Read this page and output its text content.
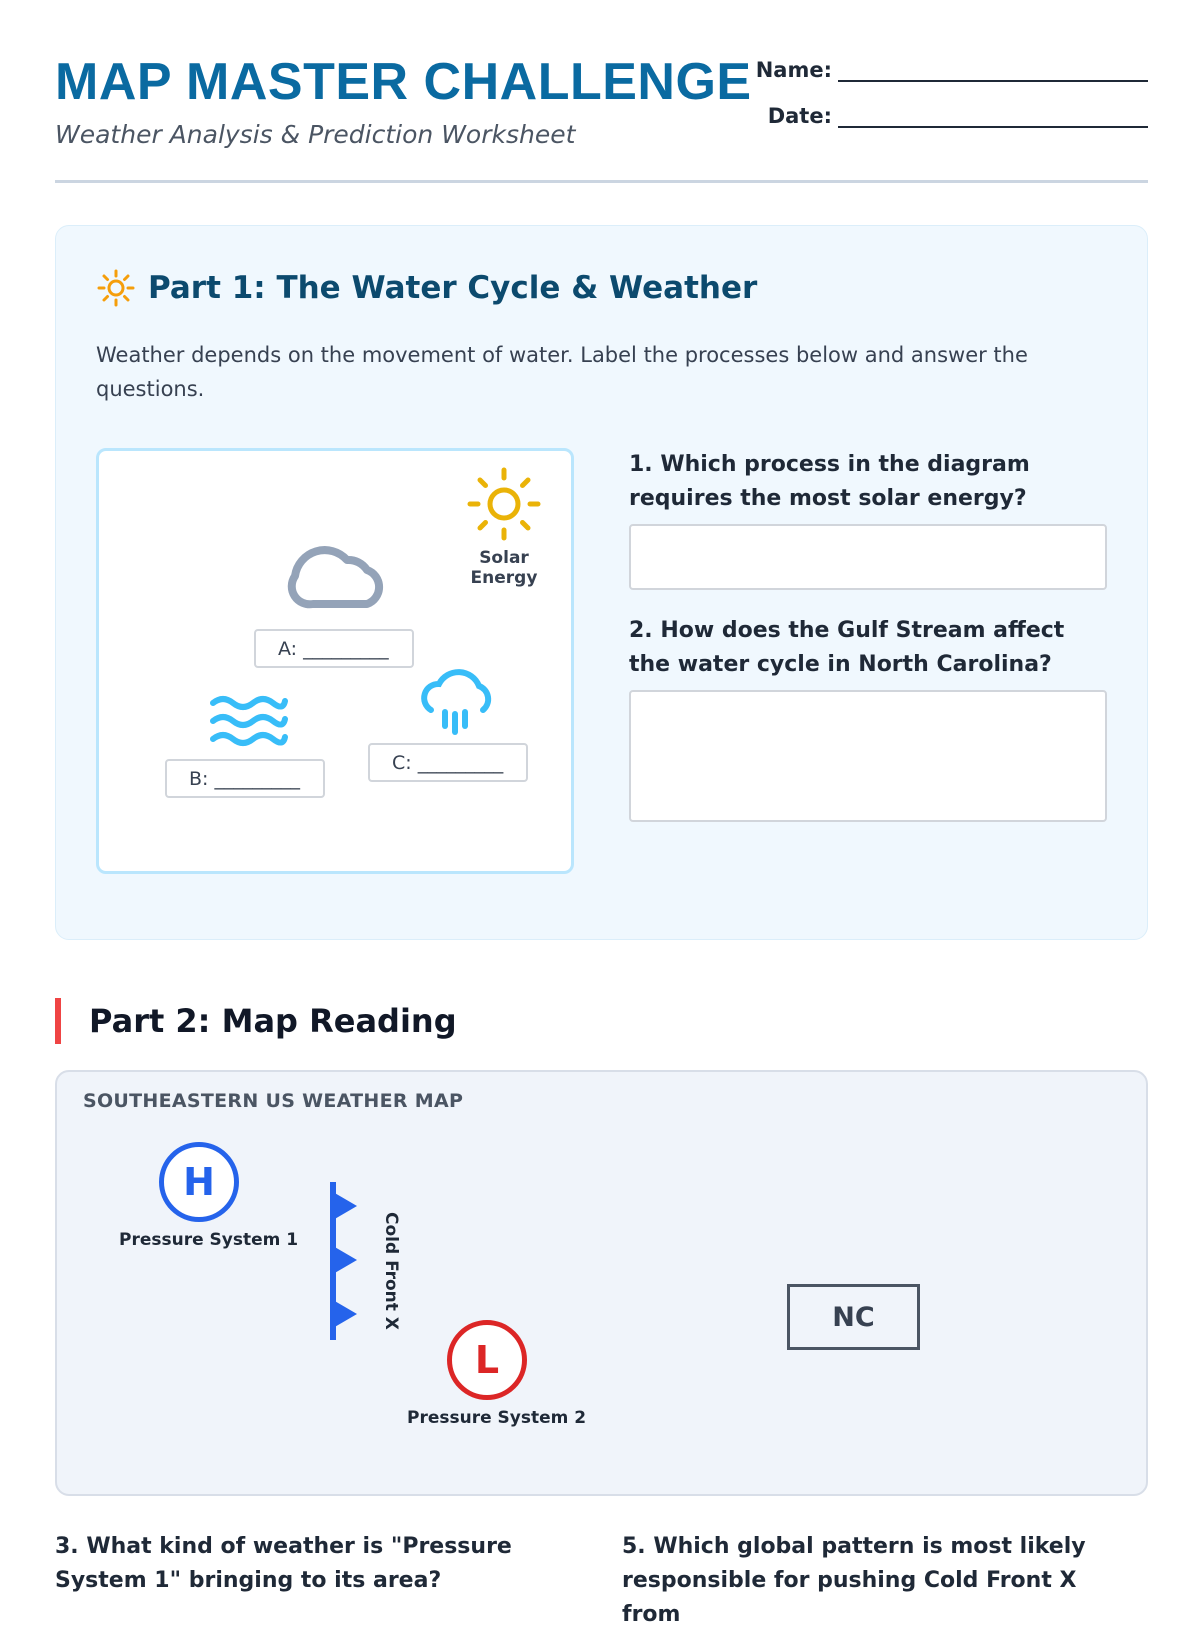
MAP MASTER CHALLENGE
Weather Analysis & Prediction Worksheet
Name:
Date:
Part 1: The Water Cycle & Weather
Weather depends on the movement of water. Label the processes below and answer the questions.
Solar Energy
A: _________
B: _________
C: _________
1. Which process in the diagram requires the most solar energy?
2. How does the Gulf Stream affect the water cycle in North Carolina?
Part 2: Map Reading
SOUTHEASTERN US WEATHER MAP
H
Pressure System 1	Cold Front X
L
Pressure System 2
NC
3. What kind of weather is "Pressure System 1" bringing to its area?
5. Which global pattern is most likely responsible for pushing Cold Front X from
